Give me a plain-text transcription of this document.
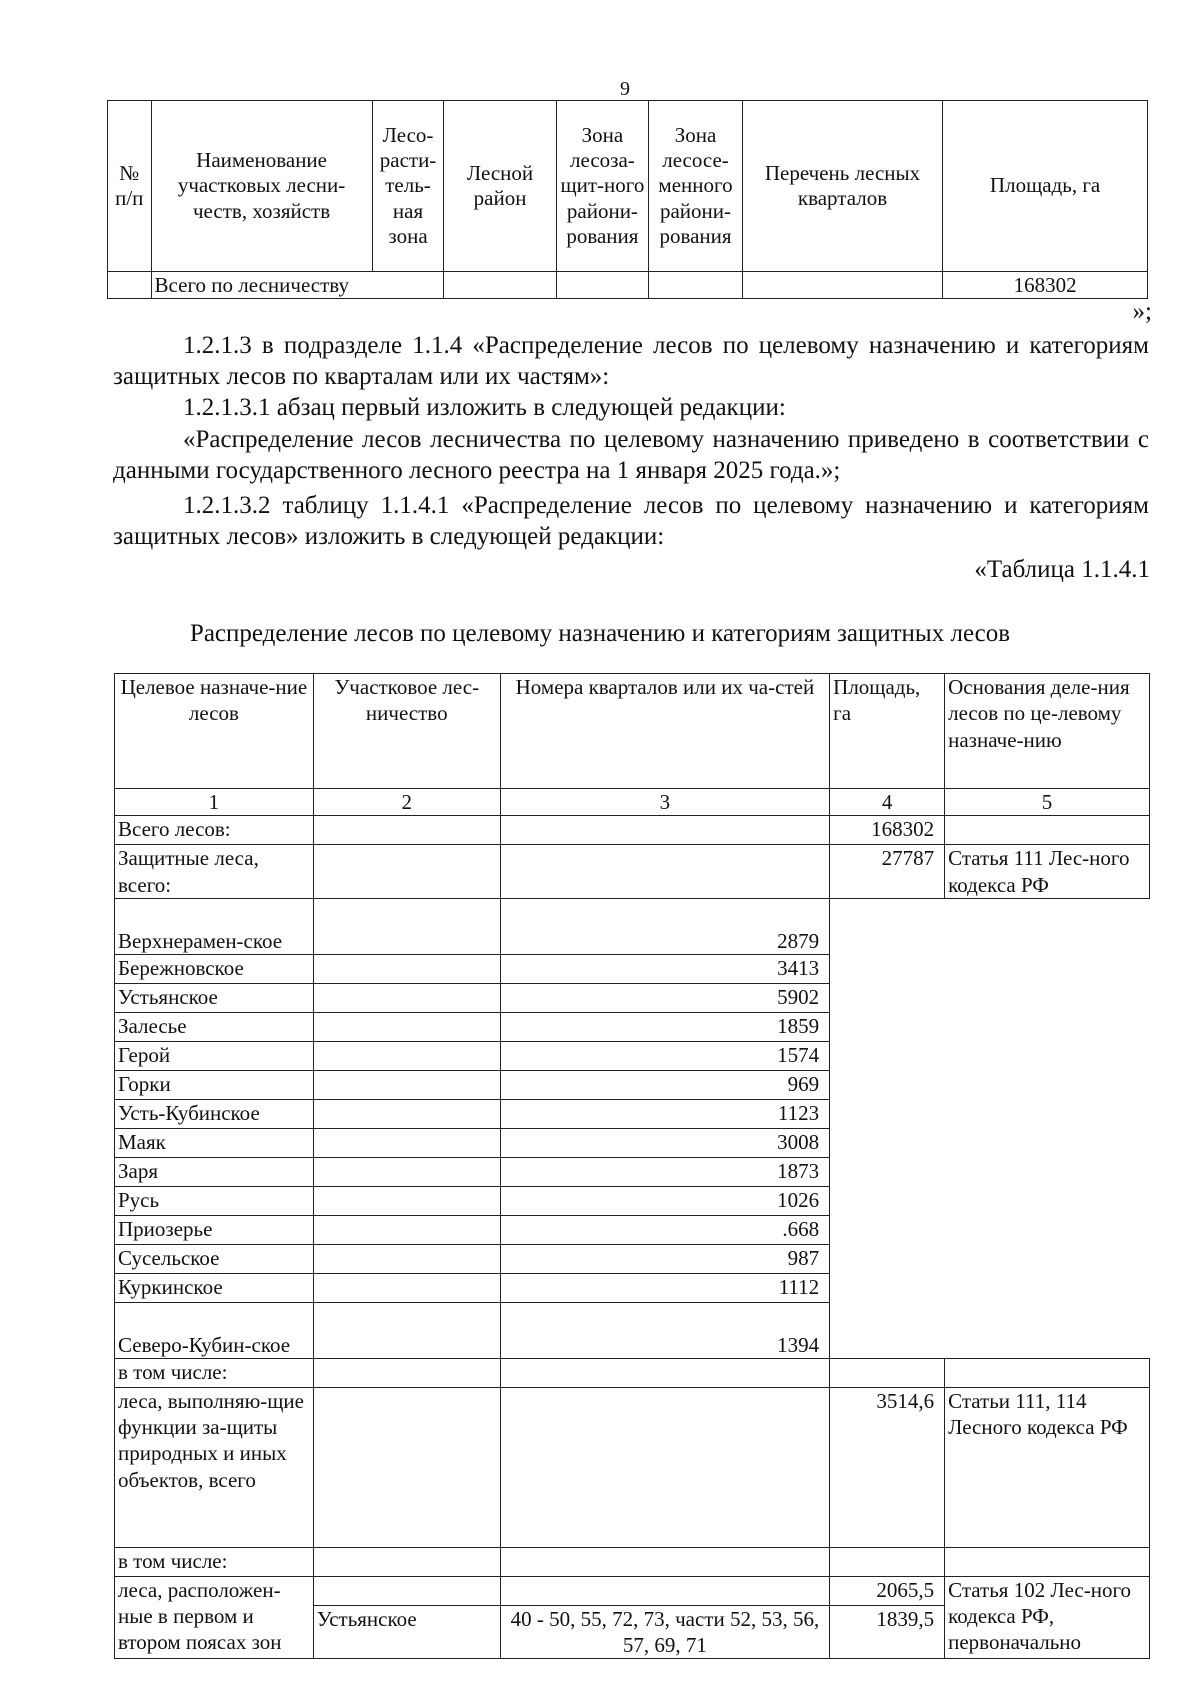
9
№ п/п	Наименование участковых лесни-честв, хозяйств	Лесо-расти-тель-ная зона	Лесной район	Зона лесоза-щит-ного райони-рования	Зона лесосе-менного райони-рования	Перечень лесных кварталов	Площадь, га
	Всего по лесничеству						168302
»;

1.2.1.3 в подразделе 1.1.4 «Распределение лесов по целевому назначению и категориям защитных лесов по кварталам или их частям»:

1.2.1.3.1 абзац первый изложить в следующей редакции:

«Распределение лесов лесничества по целевому назначению приведено в соответствии с данными государственного лесного реестра на 1 января 2025 года.»;

1.2.1.3.2 таблицу 1.1.4.1 «Распределение лесов по целевому назначению и категориям защитных лесов» изложить в следующей редакции:

«Таблица 1.1.4.1
Распределение лесов по целевому назначению и категориям защитных лесов
Целевое назначе-ние лесов	Участковое лес-ничество	Номера кварталов или их ча-стей	Площадь, га	Основания деле-ния лесов по це-левому назначе-нию
1	2	3	4	5
Всего лесов:			168302	
Защитные леса, всего:			27787	Статья 111 Лес-ного кодекса РФ
Верхнерамен-ское		2879		
Бережновское		3413		
Устьянское		5902		
Залесье		1859		
Герой		1574		
Горки		969		
Усть-Кубинское		1123		
Маяк		3008		
Заря		1873		
Русь		1026		
Приозерье		.668		
Сусельское		987		
Куркинское		1112		
Северо-Кубин-ское		1394		
в том числе:				
леса, выполняю-щие функции за-щиты природных и иных объектов, всего			3514,6	Статьи 111, 114 Лесного кодекса РФ
в том числе:				
леса, расположен-ные в первом и втором поясах зон			2065,5	Статья 102 Лес-ного кодекса РФ, первоначально
	Устьянское	40 - 50, 55, 72, 73, части 52, 53, 56, 57, 69, 71	1839,5	
